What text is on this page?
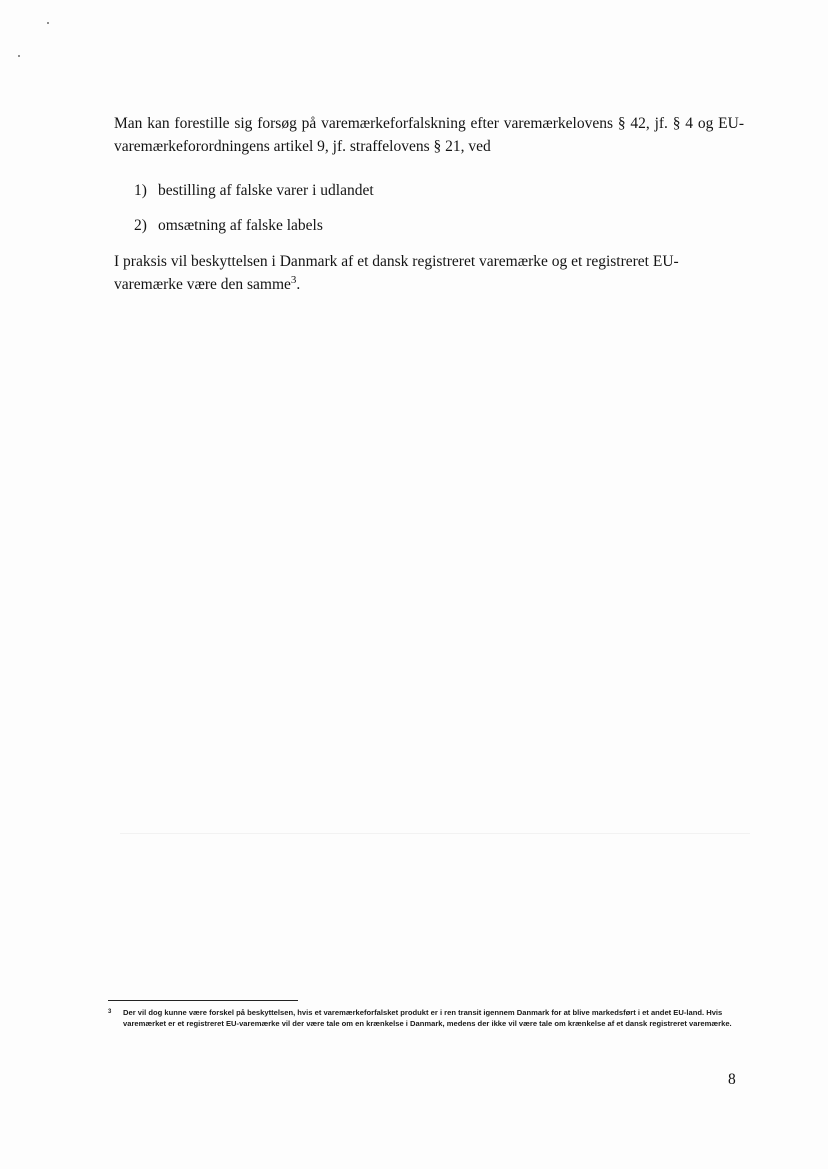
Man kan forestille sig forsøg på varemærkeforfalskning efter varemærkelovens § 42, jf. § 4 og EU-varemærkeforordningens artikel 9, jf. straffelovens § 21, ved

1) bestilling af falske varer i udlandet
2) omsætning af falske labels

I praksis vil beskyttelsen i Danmark af et dansk registreret varemærke og et registreret EU-varemærke være den samme$^3$.

3	Der vil dog kunne være forskel på beskyttelsen, hvis et varemærkeforfalsket produkt er i ren transit igennem Danmark for at blive markedsført i et andet EU-land. Hvis varemærket er et registreret EU-varemærke vil der være tale om en krænkelse i Danmark, medens der ikke vil være tale om krænkelse af et dansk registreret varemærke.
8
